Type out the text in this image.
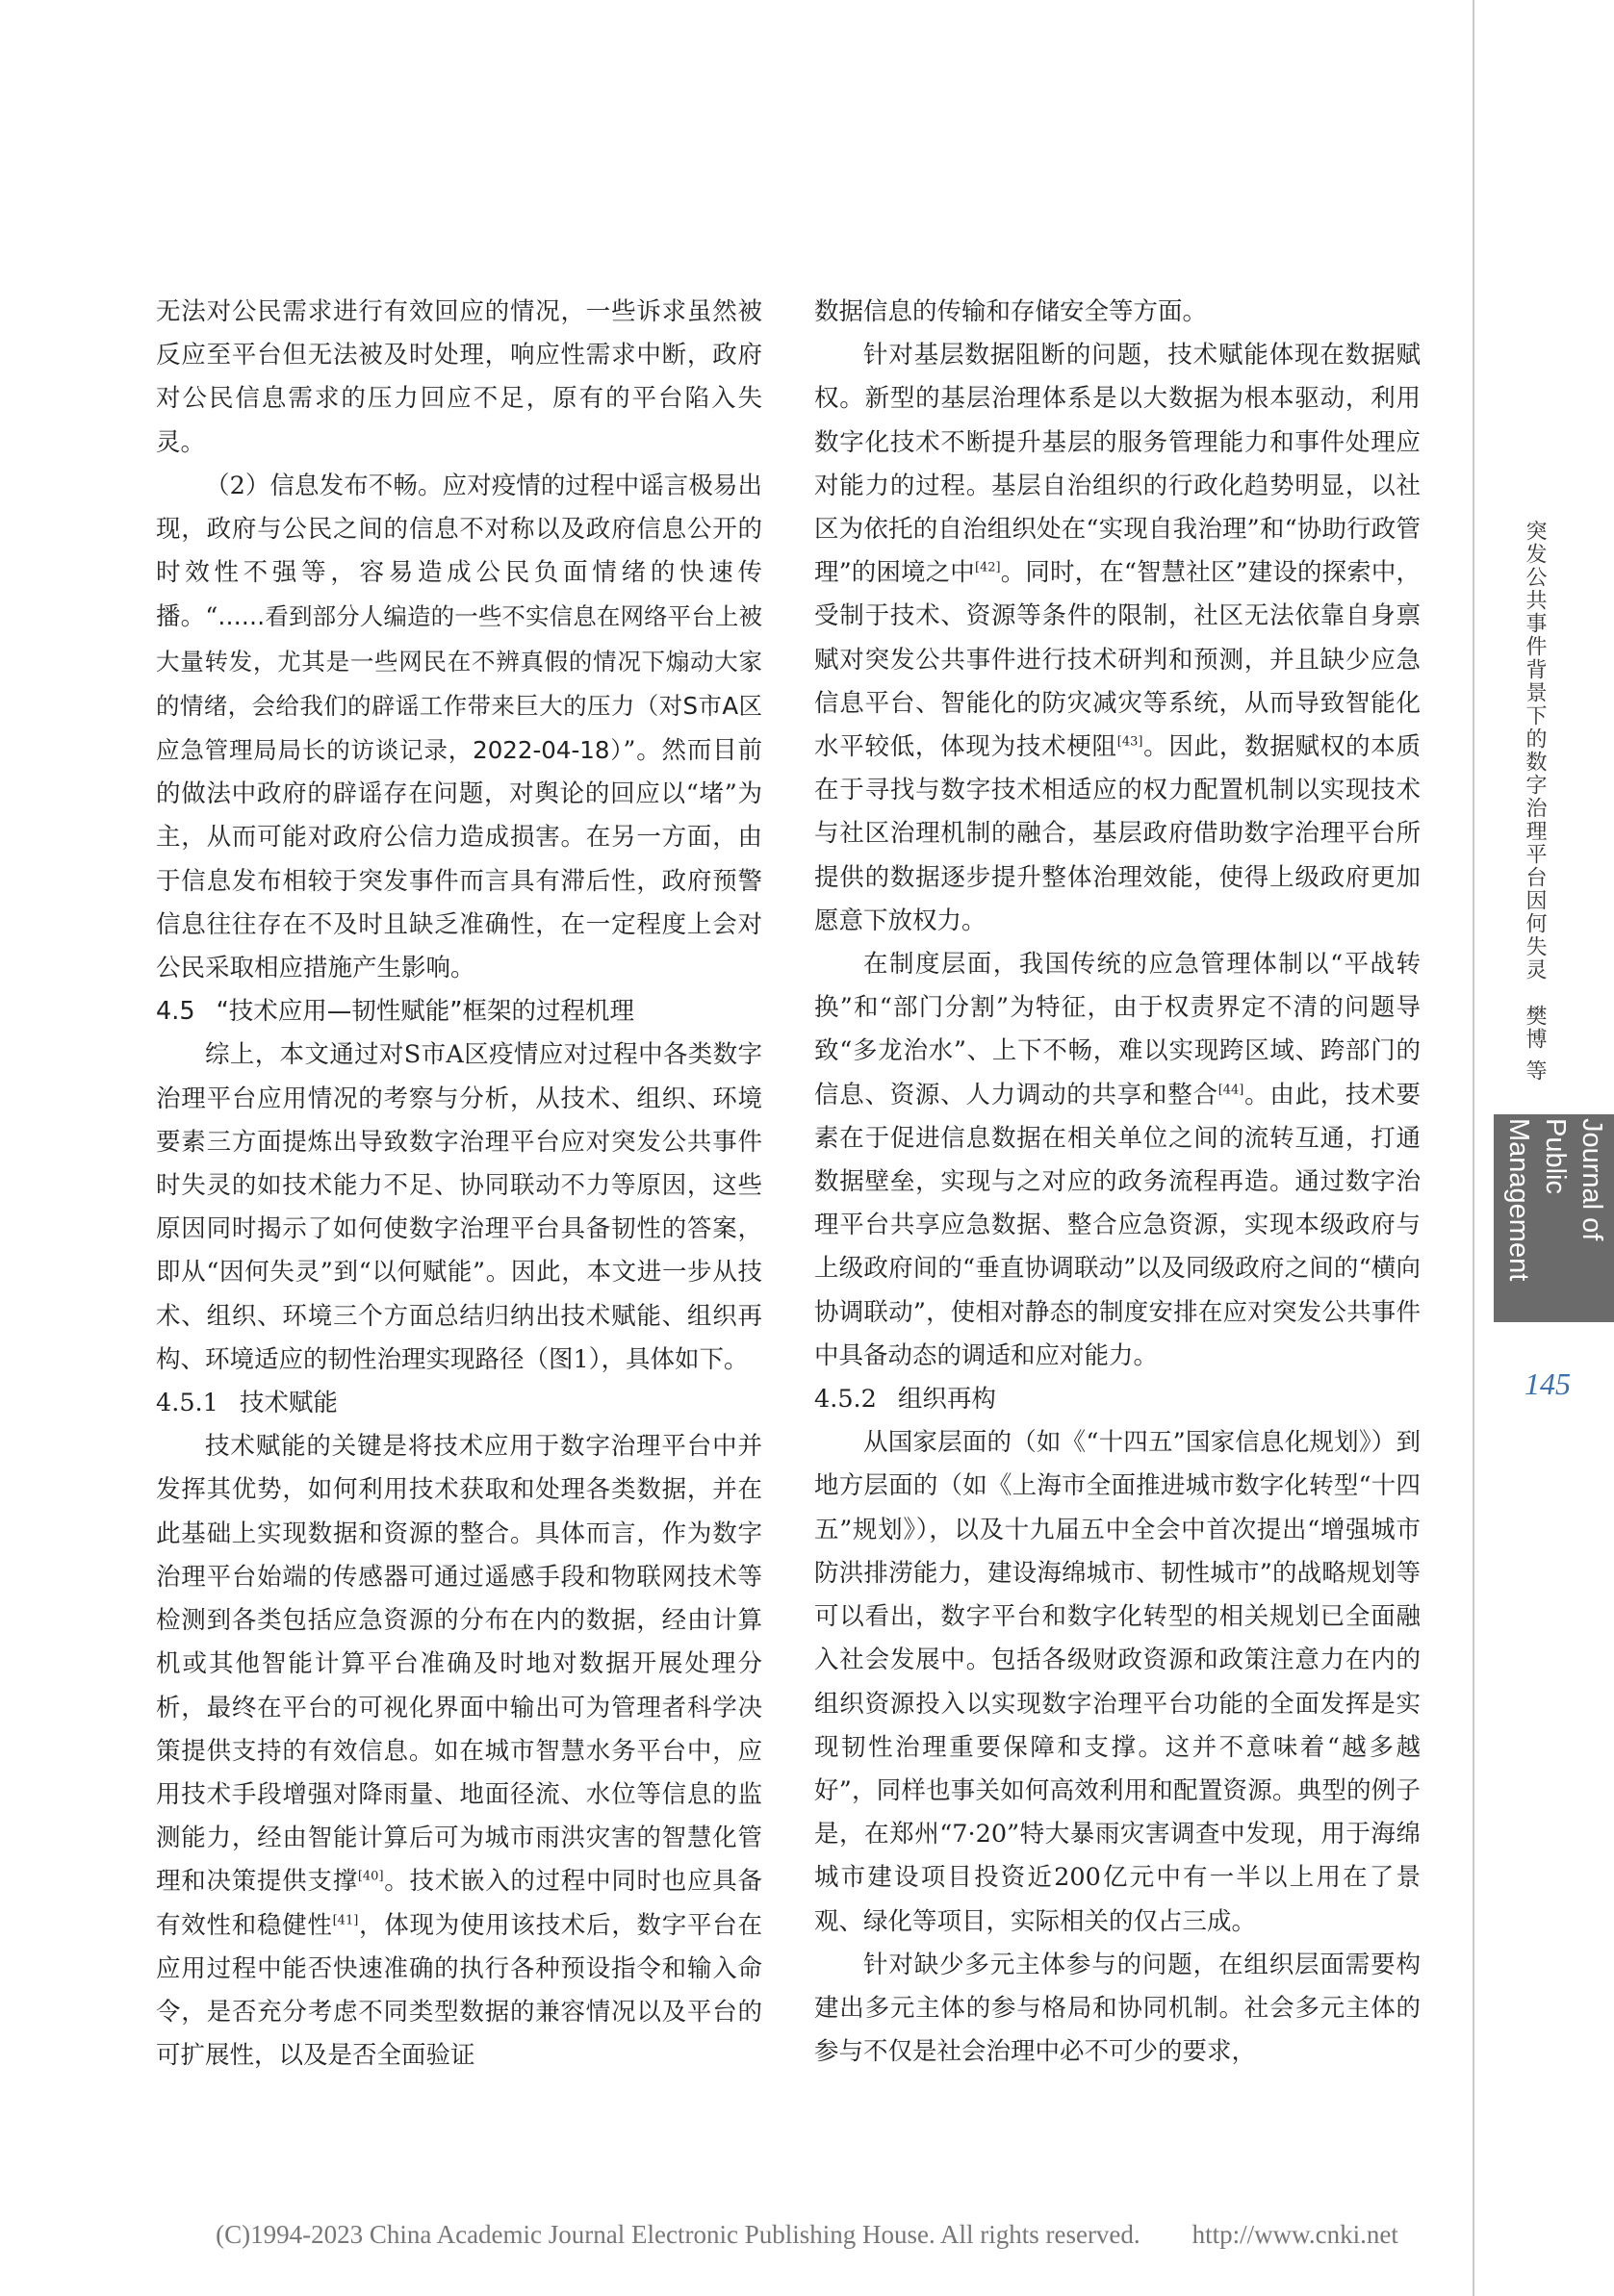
无法对公民需求进行有效回应的情况，一些诉求虽然被反应至平台但无法被及时处理，响应性需求中断，政府对公民信息需求的压力回应不足，原有的平台陷入失灵。

（2）信息发布不畅。应对疫情的过程中谣言极易出现，政府与公民之间的信息不对称以及政府信息公开的时效性不强等，容易造成公民负面情绪的快速传播。“……看到部分人编造的一些不实信息在网络平台上被大量转发，尤其是一些网民在不辨真假的情况下煽动大家的情绪，会给我们的辟谣工作带来巨大的压力（对S市A区应急管理局局长的访谈记录，2022-04-18）”。然而目前的做法中政府的辟谣存在问题，对舆论的回应以“堵”为主，从而可能对政府公信力造成损害。在另一方面，由于信息发布相较于突发事件而言具有滞后性，政府预警信息往往存在不及时且缺乏准确性，在一定程度上会对公民采取相应措施产生影响。

4.5 “技术应用—韧性赋能”框架的过程机理

综上，本文通过对S市A区疫情应对过程中各类数字治理平台应用情况的考察与分析，从技术、组织、环境要素三方面提炼出导致数字治理平台应对突发公共事件时失灵的如技术能力不足、协同联动不力等原因，这些原因同时揭示了如何使数字治理平台具备韧性的答案，即从“因何失灵”到“以何赋能”。因此，本文进一步从技术、组织、环境三个方面总结归纳出技术赋能、组织再构、环境适应的韧性治理实现路径（图1），具体如下。

4.5.1 技术赋能

技术赋能的关键是将技术应用于数字治理平台中并发挥其优势，如何利用技术获取和处理各类数据，并在此基础上实现数据和资源的整合。具体而言，作为数字治理平台始端的传感器可通过遥感手段和物联网技术等检测到各类包括应急资源的分布在内的数据，经由计算机或其他智能计算平台准确及时地对数据开展处理分析，最终在平台的可视化界面中输出可为管理者科学决策提供支持的有效信息。如在城市智慧水务平台中，应用技术手段增强对降雨量、地面径流、水位等信息的监测能力，经由智能计算后可为城市雨洪灾害的智慧化管理和决策提供支撑[40]。技术嵌入的过程中同时也应具备有效性和稳健性[41]，体现为使用该技术后，数字平台在应用过程中能否快速准确的执行各种预设指令和输入命令，是否充分考虑不同类型数据的兼容情况以及平台的可扩展性，以及是否全面验证

数据信息的传输和存储安全等方面。

针对基层数据阻断的问题，技术赋能体现在数据赋权。新型的基层治理体系是以大数据为根本驱动，利用数字化技术不断提升基层的服务管理能力和事件处理应对能力的过程。基层自治组织的行政化趋势明显，以社区为依托的自治组织处在“实现自我治理”和“协助行政管理”的困境之中[42]。同时，在“智慧社区”建设的探索中，受制于技术、资源等条件的限制，社区无法依靠自身禀赋对突发公共事件进行技术研判和预测，并且缺少应急信息平台、智能化的防灾减灾等系统，从而导致智能化水平较低，体现为技术梗阻[43]。因此，数据赋权的本质在于寻找与数字技术相适应的权力配置机制以实现技术与社区治理机制的融合，基层政府借助数字治理平台所提供的数据逐步提升整体治理效能，使得上级政府更加愿意下放权力。

在制度层面，我国传统的应急管理体制以“平战转换”和“部门分割”为特征，由于权责界定不清的问题导致“多龙治水”、上下不畅，难以实现跨区域、跨部门的信息、资源、人力调动的共享和整合[44]。由此，技术要素在于促进信息数据在相关单位之间的流转互通，打通数据壁垒，实现与之对应的政务流程再造。通过数字治理平台共享应急数据、整合应急资源，实现本级政府与上级政府间的“垂直协调联动”以及同级政府之间的“横向协调联动”，使相对静态的制度安排在应对突发公共事件中具备动态的调适和应对能力。

4.5.2 组织再构

从国家层面的（如《“十四五”国家信息化规划》）到地方层面的（如《上海市全面推进城市数字化转型“十四五”规划》），以及十九届五中全会中首次提出“增强城市防洪排涝能力，建设海绵城市、韧性城市”的战略规划等可以看出，数字平台和数字化转型的相关规划已全面融入社会发展中。包括各级财政资源和政策注意力在内的组织资源投入以实现数字治理平台功能的全面发挥是实现韧性治理重要保障和支撑。这并不意味着“越多越好”，同样也事关如何高效利用和配置资源。典型的例子是，在郑州“7·20”特大暴雨灾害调查中发现，用于海绵城市建设项目投资近200亿元中有一半以上用在了景观、绿化等项目，实际相关的仅占三成。

针对缺少多元主体参与的问题，在组织层面需要构建出多元主体的参与格局和协同机制。社会多元主体的参与不仅是社会治理中必不可少的要求，

突发公共事件背景下的数字治理平台因何失灵　樊博 等
Journal of Public Management
145
(C)1994-2023 China Academic Journal Electronic Publishing House. All rights reserved.　　http://www.cnki.net
